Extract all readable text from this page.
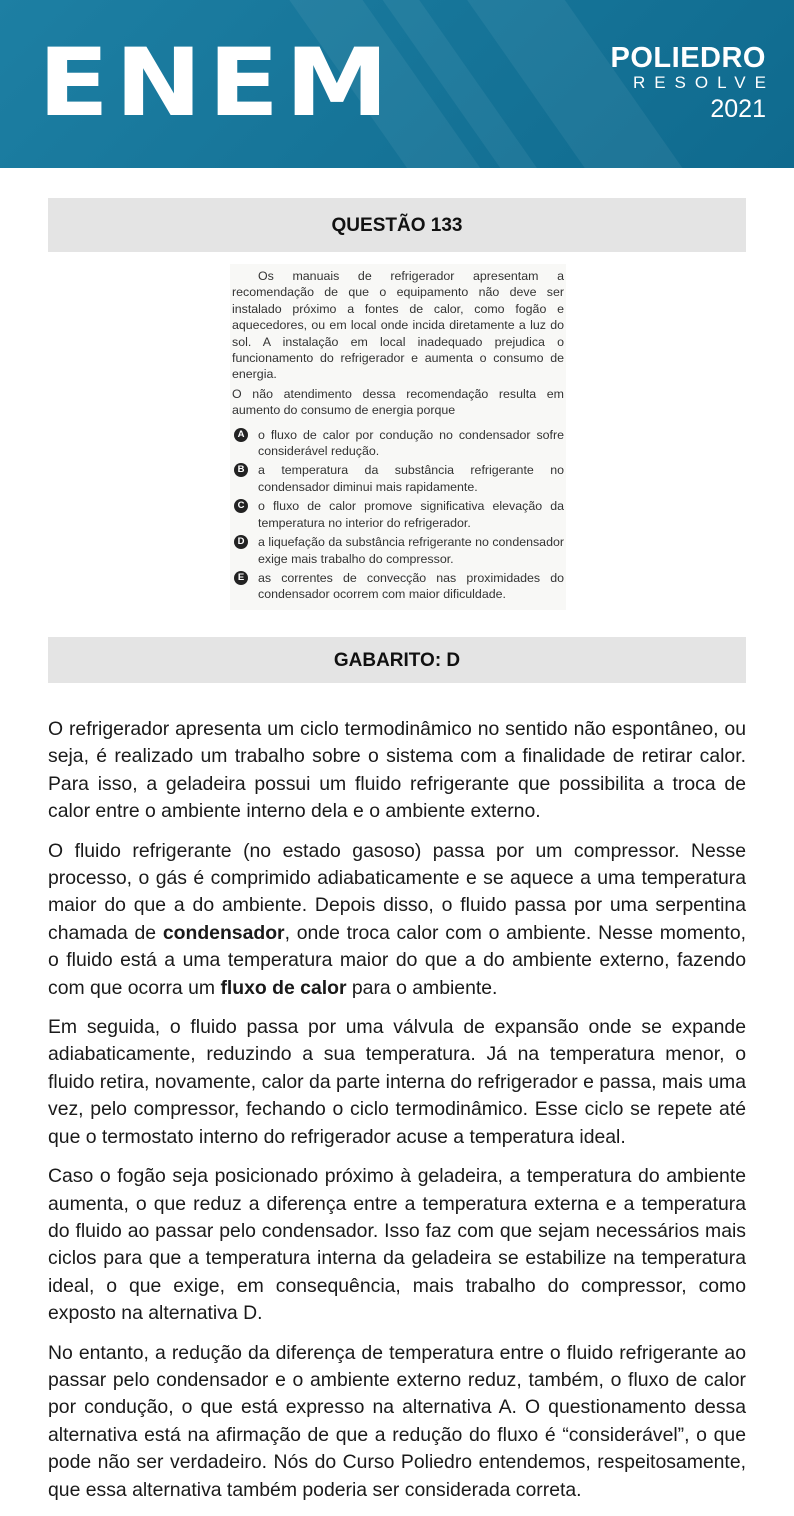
ENEM	POLIEDRO
RESOLVE
2021
QUESTÃO 133

Os manuais de refrigerador apresentam a recomendação de que o equipamento não deve ser instalado próximo a fontes de calor, como fogão e aquecedores, ou em local onde incida diretamente a luz do sol. A instalação em local inadequado prejudica o funcionamento do refrigerador e aumenta o consumo de energia.

O não atendimento dessa recomendação resulta em aumento do consumo de energia porque

A o fluxo de calor por condução no condensador sofre considerável redução.
B a temperatura da substância refrigerante no condensador diminui mais rapidamente.
C o fluxo de calor promove significativa elevação da temperatura no interior do refrigerador.
D a liquefação da substância refrigerante no condensador exige mais trabalho do compressor.
E	as correntes de convecção nas proximidades do condensador ocorrem com maior dificuldade.
GABARITO: D

O refrigerador apresenta um ciclo termodinâmico no sentido não espontâneo, ou seja, é realizado um trabalho sobre o sistema com a finalidade de retirar calor. Para isso, a geladeira possui um fluido refrigerante que possibilita a troca de calor entre o ambiente interno dela e o ambiente externo.

O fluido refrigerante (no estado gasoso) passa por um compressor. Nesse processo, o gás é comprimido adiabaticamente e se aquece a uma temperatura maior do que a do ambiente. Depois disso, o fluido passa por uma serpentina chamada de condensador, onde troca calor com o ambiente. Nesse momento, o fluido está a uma temperatura maior do que a do ambiente externo, fazendo com que ocorra um fluxo de calor para o ambiente.

Em seguida, o fluido passa por uma válvula de expansão onde se expande adiabaticamente, reduzindo a sua temperatura. Já na temperatura menor, o fluido retira, novamente, calor da parte interna do refrigerador e passa, mais uma vez, pelo compressor, fechando o ciclo termodinâmico. Esse ciclo se repete até que o termostato interno do refrigerador acuse a temperatura ideal.

Caso o fogão seja posicionado próximo à geladeira, a temperatura do ambiente aumenta, o que reduz a diferença entre a temperatura externa e a temperatura do fluido ao passar pelo condensador. Isso faz com que sejam necessários mais ciclos para que a temperatura interna da geladeira se estabilize na temperatura ideal, o que exige, em consequência, mais trabalho do compressor, como exposto na alternativa D.

No entanto, a redução da diferença de temperatura entre o fluido refrigerante ao passar pelo condensador e o ambiente externo reduz, também, o fluxo de calor por condução, o que está expresso na alternativa A. O questionamento dessa alternativa está na afirmação de que a redução do fluxo é “considerável”, o que pode não ser verdadeiro. Nós do Curso Poliedro entendemos, respeitosamente, que essa alternativa também poderia ser considerada correta.
